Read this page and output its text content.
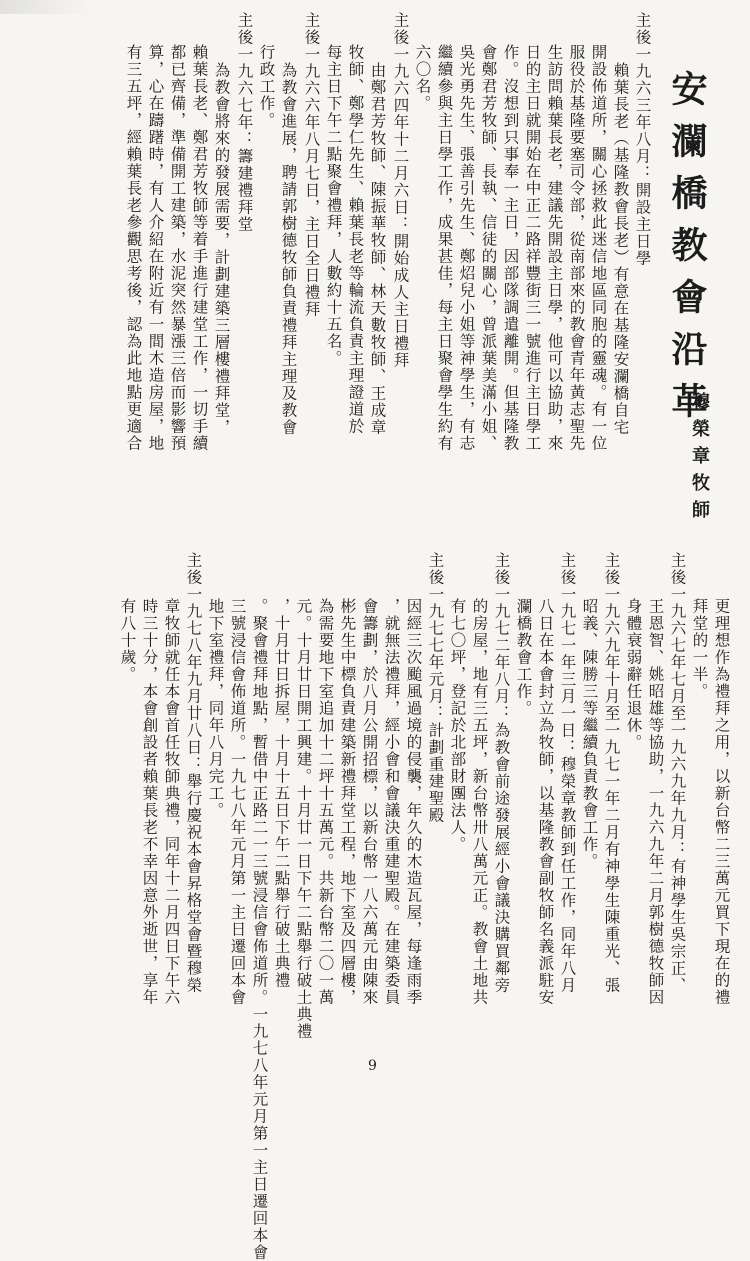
安瀾橋教會沿革
穆榮章牧師
主後一九六三年八月：開設主日學
賴葉長老（基隆教會長老）有意在基隆安瀾橋自宅
開設佈道所，關心拯救此迷信地區同胞的靈魂。有一位
服役於基隆要塞司令部，從南部來的教會青年黃志聖先
生訪問賴葉長老，建議先開設主日學，他可以協助，來
日的主日就開始在中正二路祥豐街三一號進行主日學工
作。沒想到只事奉一主日，因部隊調遣離開。但基隆教
會鄭君芳牧師、長執、信徒的關心，曾派葉美滿小姐、
吳光勇先生、張善引先生、鄭炤兒小姐等神學生，有志
繼續參與主日學工作，成果甚佳，每主日聚會學生約有
六〇名。
主後一九六四年十二月六日：開始成人主日禮拜
由鄭君芳牧師、陳振華牧師、林天數牧師、王成章
牧師、鄭學仁先生、賴葉長老等輪流負責主理證道於
每主日下午二點聚會禮拜，人數約十五名。
主後一九六六年八月七日，主日全日禮拜
為教會進展，聘請郭樹德牧師負責禮拜主理及教會
行政工作。
主後一九六七年：籌建禮拜堂
為教會將來的發展需要，計劃建築三層樓禮拜堂，
賴葉長老、鄭君芳牧師等着手進行建堂工作，一切手續
都已齊備，準備開工建築，水泥突然暴漲三倍而影響預
算，心在躊躇時，有人介紹在附近有一間木造房屋，地
有三五坪，經賴葉長老參觀思考後，認為此地點更適合
更理想作為禮拜之用，以新台幣二三萬元買下現在的禮
拜堂的一半。
主後一九六七年七月至一九六九年九月：有神學生吳宗正、
王恩智、姚昭雄等協助，一九六九年二月郭樹德牧師因
身體衰弱辭任退休。
主後一九六九年十月至一九七一年二月有神學生陳重光、張
昭義、陳勝三等繼續負責教會工作。
主後一九七一年三月一日：穆榮章教師到任工作，同年八月
八日在本會封立為牧師，以基隆教會副牧師名義派駐安
瀾橋教會工作。
主後一九七二年八月：為教會前途發展經小會議決購買鄰旁
的房屋，地有三五坪，新台幣卅八萬元正。教會土地共
有七〇坪，登記於北部財團法人。
主後一九七七年元月：計劃重建聖殿
因經三次颱風過境的侵襲，年久的木造瓦屋，每逢雨季
，就無法禮拜，經小會和會議決重建聖殿。在建築委員
會籌劃，於八月公開招標，以新台幣一八六萬元由陳來
彬先生中標負責建築新禮拜堂工程，地下室及四層樓，
為需要地下室追加十二坪十五萬元。共新台幣二〇一萬
元。十月廿日開工興建。十月廿一日下午二點舉行破土典禮
，十月廿日拆屋，十月十五日下午二點舉行破土典禮
。聚會禮拜地點，暫借中正路二一三號浸信會佈道所。一九七八年元月第一主日遷回本會
三號浸信會佈道所。一九七八年元月第一主日遷回本會
地下室禮拜，同年八月完工。
主後一九七八年九月廿八日：舉行慶祝本會昇格堂會暨穆榮
章牧師就任本會首任牧師典禮，同年十二月四日下午六
時三十分，本會創設者賴葉長老不幸因意外逝世，享年
有八十歲。
9
